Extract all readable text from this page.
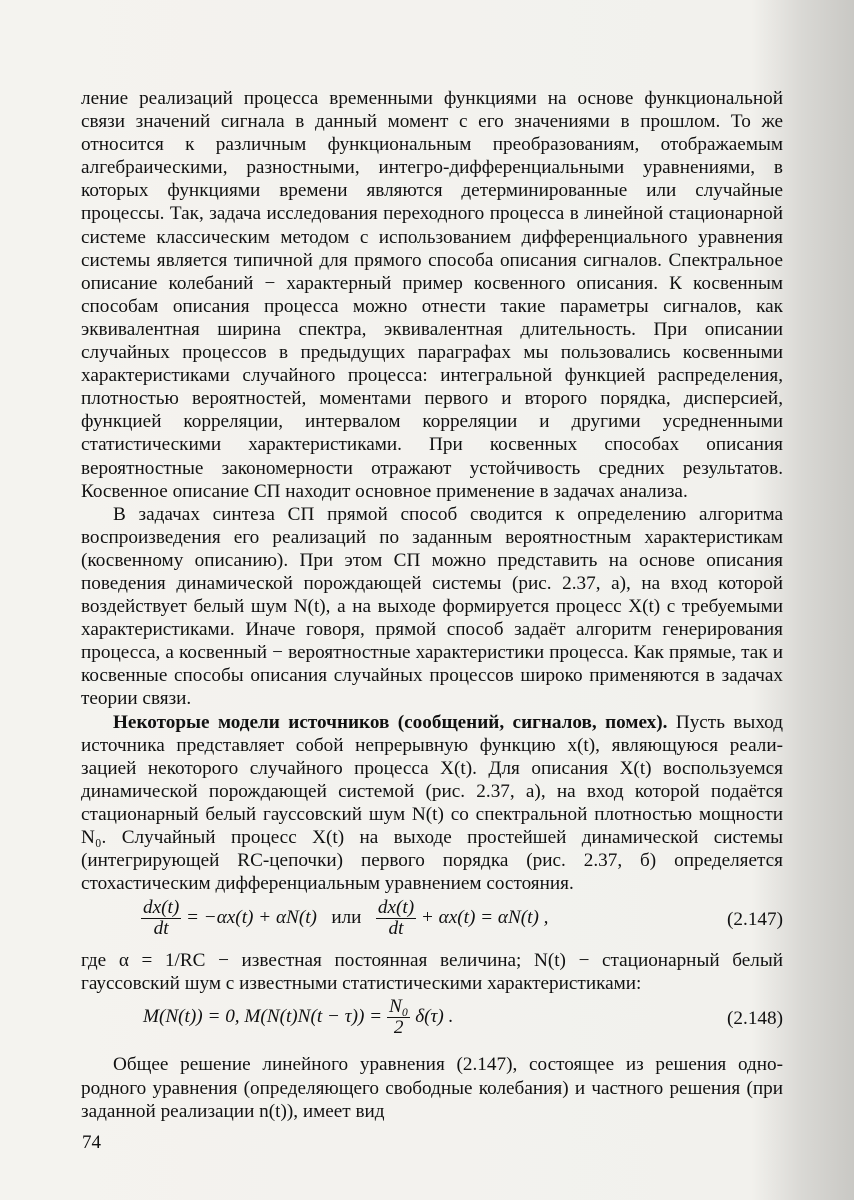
ление реализаций процесса временными функциями на основе функциональной связи значений сигнала в данный момент с его значениями в прошлом. То же относится к различным функциональным преобразованиям, отображаемым алгебраическими, разностными, интегро-дифференциальными уравнениями, в которых функциями времени являются детерминированные или случайные процессы. Так, задача исследования переходного процесса в линейной стационарной системе классическим методом с использованием дифференциального уравнения системы является типичной для прямого способа описания сигналов. Спектральное описание колебаний − характерный пример косвенного описания. К косвенным способам описания процесса можно отнести такие параметры сигналов, как эквивалентная ширина спектра, эквивалентная длительность. При описании случайных процессов в предыдущих параграфах мы пользовались косвенными характеристиками случайного процесса: интегральной функцией распределения, плотностью вероятностей, моментами первого и второго порядка, дисперсией, функцией корреляции, интервалом корреляции и другими усредненными статистическими характеристиками. При косвенных способах описания вероятностные закономерности отражают устойчивость средних результатов. Косвенное описание СП находит основное применение в задачах анализа.

В задачах синтеза СП прямой способ сводится к определению алгоритма воспроизведения его реализаций по заданным вероятностным характеристикам (косвенному описанию). При этом СП можно представить на основе описания поведения динамической порождающей системы (рис. 2.37, а), на вход которой воздействует белый шум N(t), а на выходе формируется процесс X(t) с требуемыми характеристиками. Иначе говоря, прямой способ задаёт алгоритм генерирования процесса, а косвенный − вероятностные характеристики процесса. Как прямые, так и косвенные способы описания случайных процессов широко применяются в задачах теории связи.

Некоторые модели источников (сообщений, сигналов, помех). Пусть выход источника представляет собой непрерывную функцию x(t), являющуюся реализацией некоторого случайного процесса X(t). Для описания X(t) воспользуемся динамической порождающей системой (рис. 2.37, а), на вход которой подаётся стационарный белый гауссовский шум N(t) со спектральной плотностью мощности N₀. Случайный процесс X(t) на выходе простейшей динамической системы (интегрирующей RC-цепочки) первого порядка (рис. 2.37, б) определяется стохастическим дифференциальным уравнением состояния.

$\frac{dx(t)}{dt} = -\alpha x(t) + \alpha N(t)$ или $\frac{dx(t)}{dt} + \alpha x(t) = \alpha N(t)$ ,	(2.147)

где α = 1/RC − известная постоянная величина; N(t) − стационарный белый гауссовский шум с известными статистическими характеристиками:

M(N(t)) = 0, $M(N(t)N(t - \tau)) = \frac{\text{N₀}}{2} \delta(\tau)$ .	(2.148)

Общее решение линейного уравнения (2.147), состоящее из решения однородного уравнения (определяющего свободные колебания) и частного решения (при заданной реализации n(t)), имеет вид

74
